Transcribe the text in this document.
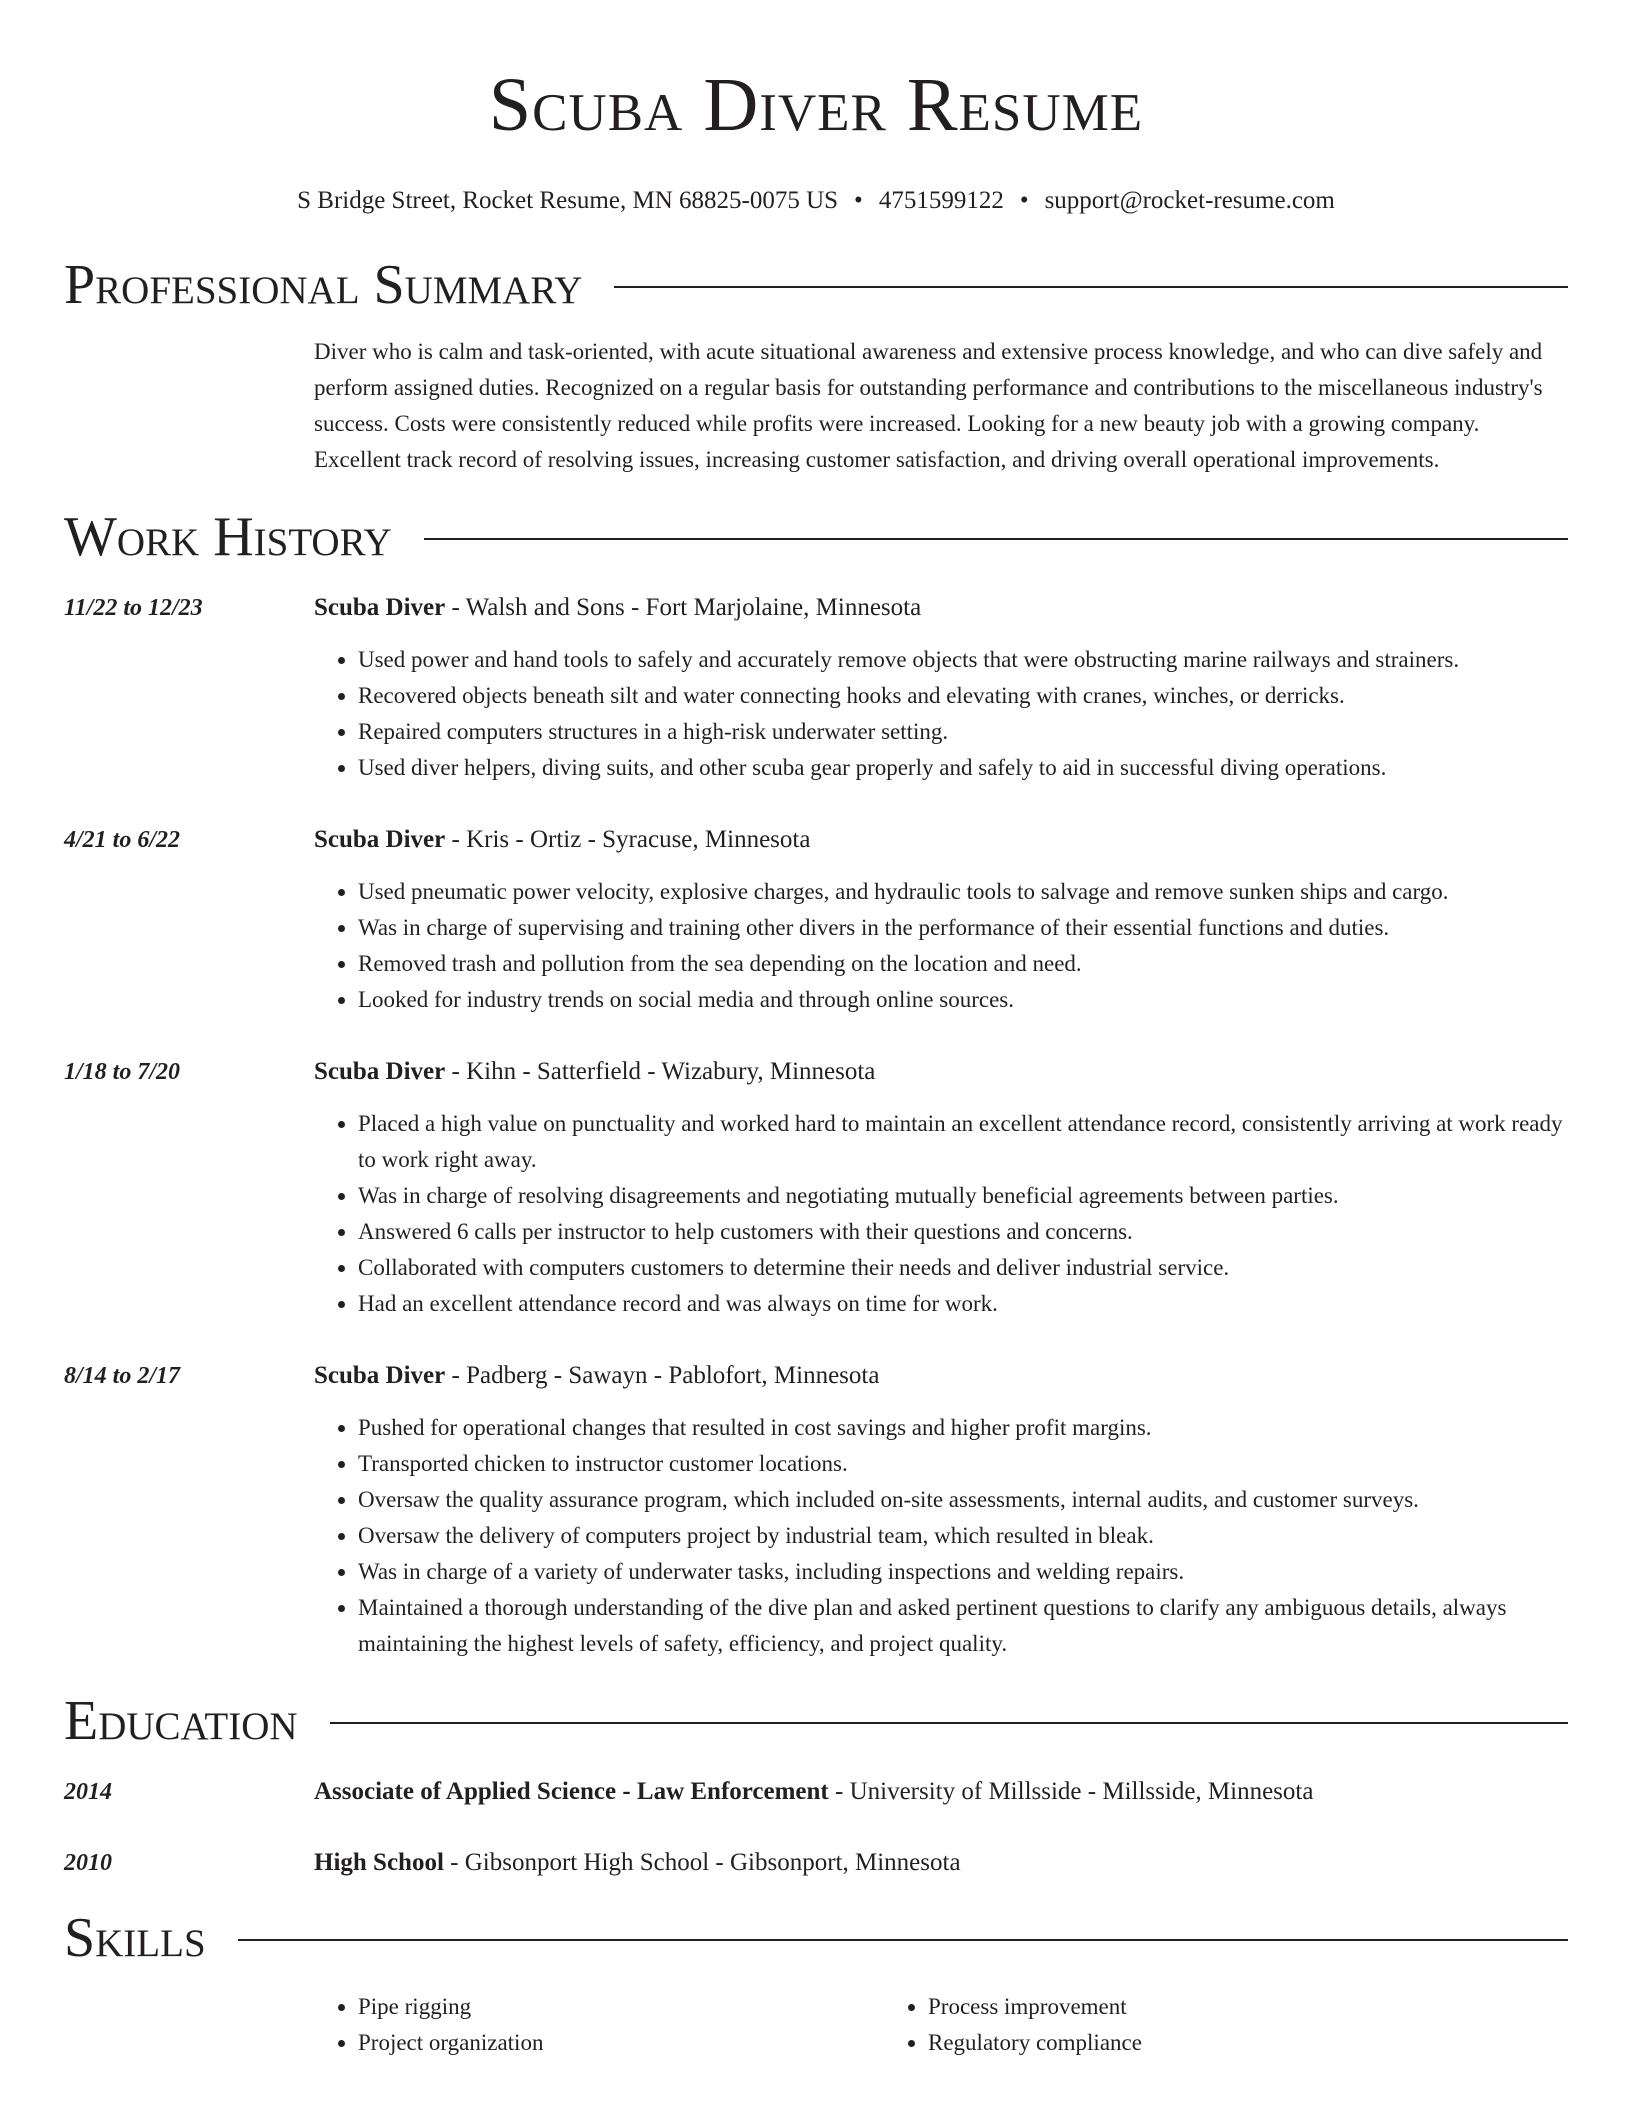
Scuba Diver Resume
S Bridge Street, Rocket Resume, MN 68825-0075 US • 4751599122 • support@rocket-resume.com
Professional Summary
Diver who is calm and task-oriented, with acute situational awareness and extensive process knowledge, and who can dive safely and perform assigned duties. Recognized on a regular basis for outstanding performance and contributions to the miscellaneous industry's success. Costs were consistently reduced while profits were increased. Looking for a new beauty job with a growing company. Excellent track record of resolving issues, increasing customer satisfaction, and driving overall operational improvements.
Work History
11/22 to 12/23	Scuba Diver - Walsh and Sons - Fort Marjolaine, Minnesota
• Used power and hand tools to safely and accurately remove objects that were obstructing marine railways and strainers.
• Recovered objects beneath silt and water connecting hooks and elevating with cranes, winches, or derricks.
• Repaired computers structures in a high-risk underwater setting.
• Used diver helpers, diving suits, and other scuba gear properly and safely to aid in successful diving operations.
4/21 to 6/22	Scuba Diver - Kris - Ortiz - Syracuse, Minnesota
• Used pneumatic power velocity, explosive charges, and hydraulic tools to salvage and remove sunken ships and cargo.
• Was in charge of supervising and training other divers in the performance of their essential functions and duties.
• Removed trash and pollution from the sea depending on the location and need.
• Looked for industry trends on social media and through online sources.
1/18 to 7/20	Scuba Diver - Kihn - Satterfield - Wizabury, Minnesota
• Placed a high value on punctuality and worked hard to maintain an excellent attendance record, consistently arriving at work ready to work right away.
• Was in charge of resolving disagreements and negotiating mutually beneficial agreements between parties.
• Answered 6 calls per instructor to help customers with their questions and concerns.
• Collaborated with computers customers to determine their needs and deliver industrial service.
• Had an excellent attendance record and was always on time for work.
8/14 to 2/17	Scuba Diver - Padberg - Sawayn - Pablofort, Minnesota
• Pushed for operational changes that resulted in cost savings and higher profit margins.
• Transported chicken to instructor customer locations.
• Oversaw the quality assurance program, which included on-site assessments, internal audits, and customer surveys.
• Oversaw the delivery of computers project by industrial team, which resulted in bleak.
• Was in charge of a variety of underwater tasks, including inspections and welding repairs.
• Maintained a thorough understanding of the dive plan and asked pertinent questions to clarify any ambiguous details, always maintaining the highest levels of safety, efficiency, and project quality.
Education
2014	Associate of Applied Science - Law Enforcement - University of Millsside - Millsside, Minnesota
2010	High School - Gibsonport High School - Gibsonport, Minnesota
Skills
• Pipe rigging
• Project organization
• Process improvement
• Regulatory compliance
